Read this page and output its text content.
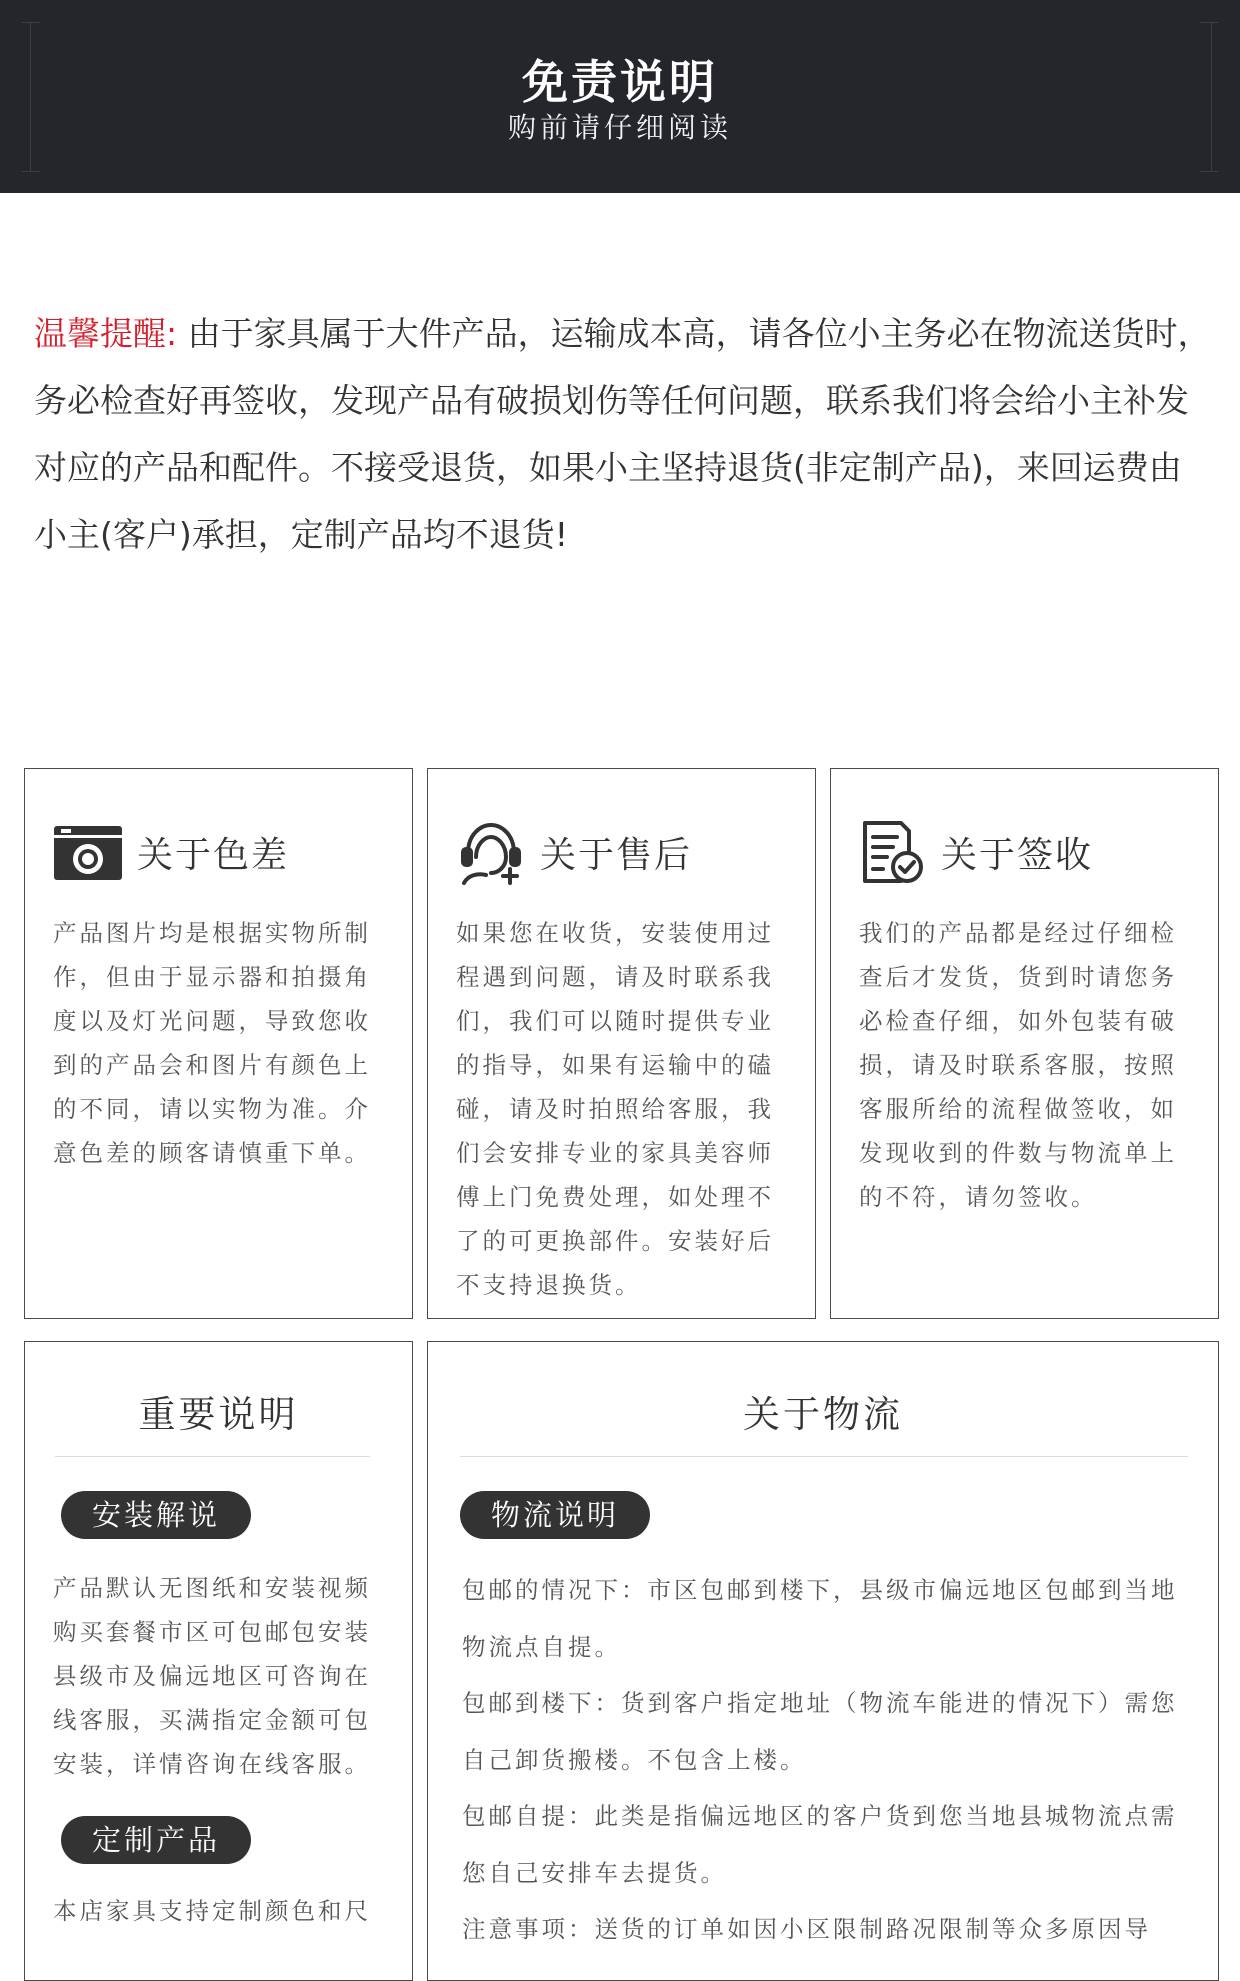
免责说明
购前请仔细阅读
温馨提醒: 由于家具属于大件产品，运输成本高，请各位小主务必在物流送货时，务必检查好再签收，发现产品有破损划伤等任何问题，联系我们将会给小主补发对应的产品和配件。不接受退货，如果小主坚持退货(非定制产品)，来回运费由小主(客户)承担，定制产品均不退货!
关于色差
产品图片均是根据实物所制作，但由于显示器和拍摄角度以及灯光问题，导致您收到的产品会和图片有颜色上的不同，请以实物为准。介意色差的顾客请慎重下单。
关于售后
如果您在收货，安装使用过程遇到问题，请及时联系我们，我们可以随时提供专业的指导，如果有运输中的磕碰，请及时拍照给客服，我们会安排专业的家具美容师傅上门免费处理，如处理不了的可更换部件。安装好后不支持退换货。
关于签收
我们的产品都是经过仔细检查后才发货，货到时请您务必检查仔细，如外包装有破损，请及时联系客服，按照客服所给的流程做签收，如发现收到的件数与物流单上的不符，请勿签收。
重要说明
安装解说
产品默认无图纸和安装视频购买套餐市区可包邮包安装县级市及偏远地区可咨询在线客服，买满指定金额可包安装，详情咨询在线客服。
定制产品
本店家具支持定制颜色和尺
关于物流
物流说明

包邮的情况下：市区包邮到楼下，县级市偏远地区包邮到当地物流点自提。

包邮到楼下：货到客户指定地址（物流车能进的情况下）需您自己卸货搬楼。不包含上楼。

包邮自提：此类是指偏远地区的客户货到您当地县城物流点需您自己安排车去提货。

注意事项：送货的订单如因小区限制路况限制等众多原因导
